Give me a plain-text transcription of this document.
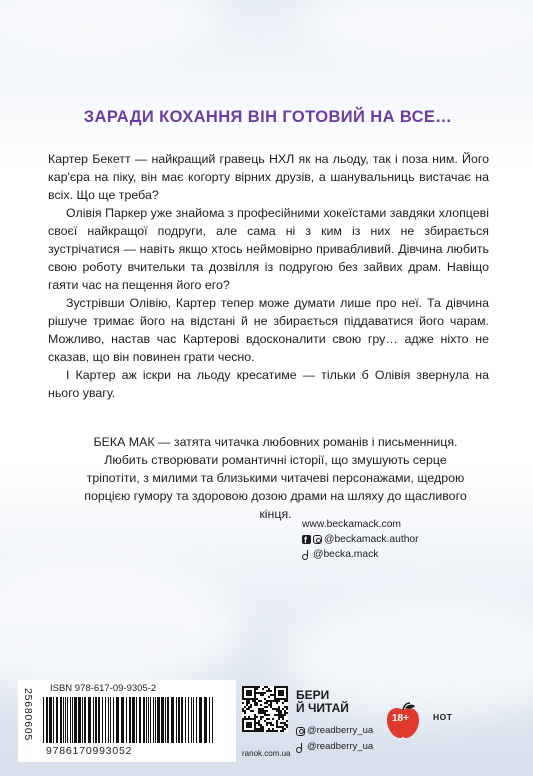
ЗАРАДИ КОХАННЯ ВІН ГОТОВИЙ НА ВСЕ…

Картер Бекетт — найкращий гравець НХЛ як на льоду, так і поза ним. Його кар'єра на піку, він має когорту вірних друзів, а шанувальниць вистачає на всіх. Що ще треба?

Олівія Паркер уже знайома з професійними хокеїстами завдяки хлопцеві своєї найкращої подруги, але сама ні з ким із них не збирається зустрічатися — навіть якщо хтось неймовірно привабливий. Дівчина любить свою роботу вчительки та дозвілля із подругою без зайвих драм. Навіщо гаяти час на пещення його его?

Зустрівши Олівію, Картер тепер може думати лише про неї. Та дівчина рішуче тримає його на відстані й не збирається піддаватися його чарам. Можливо, настав час Картерові вдосконалити свою гру… адже ніхто не сказав, що він повинен грати чесно.

І Картер аж іскри на льоду кресатиме — тільки б Олівія звернула на нього увагу.

БЕКА МАК — затята читачка любовних романів і письменниця. Любить створювати романтичні історії, що змушують серце тріпотіти, з милими та близькими читачеві персонажами, щедрою порцією гумору та здоровою дозою драми на шляху до щасливого кінця.
www.beckamack.com
f
@beckamack.author
@becka.mack
ISBN 978-617-09-9305-2
25680605
9786170993052	ranok.com.ua
БЕРИ
Й ЧИТАЙ
@readberry_ua
@readberry_ua
18+	HOT
